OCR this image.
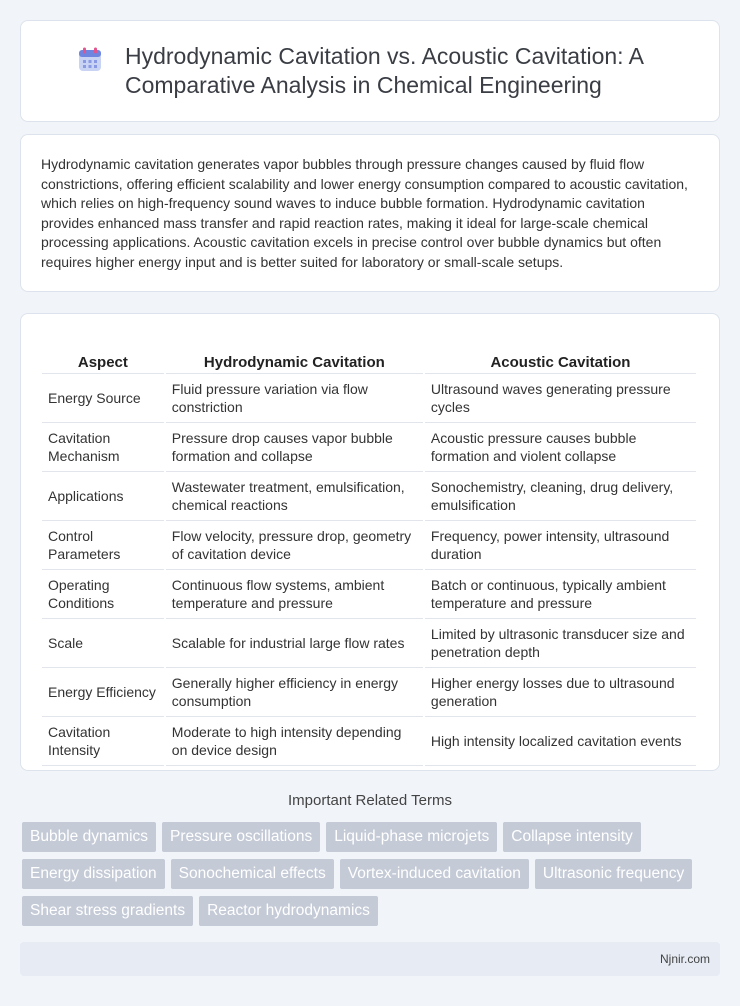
Hydrodynamic Cavitation vs. Acoustic Cavitation: A Comparative Analysis in Chemical Engineering

Hydrodynamic cavitation generates vapor bubbles through pressure changes caused by fluid flow constrictions, offering efficient scalability and lower energy consumption compared to acoustic cavitation, which relies on high-frequency sound waves to induce bubble formation. Hydrodynamic cavitation provides enhanced mass transfer and rapid reaction rates, making it ideal for large-scale chemical processing applications. Acoustic cavitation excels in precise control over bubble dynamics but often requires higher energy input and is better suited for laboratory or small-scale setups.

Aspect	Hydrodynamic Cavitation	Acoustic Cavitation
Energy Source	Fluid pressure variation via flow constriction	Ultrasound waves generating pressure cycles
Cavitation Mechanism	Pressure drop causes vapor bubble formation and collapse	Acoustic pressure causes bubble formation and violent collapse
Applications	Wastewater treatment, emulsification, chemical reactions	Sonochemistry, cleaning, drug delivery, emulsification
Control Parameters	Flow velocity, pressure drop, geometry of cavitation device	Frequency, power intensity, ultrasound duration
Operating Conditions	Continuous flow systems, ambient temperature and pressure	Batch or continuous, typically ambient temperature and pressure
Scale	Scalable for industrial large flow rates	Limited by ultrasonic transducer size and penetration depth
Energy Efficiency	Generally higher efficiency in energy consumption	Higher energy losses due to ultrasound generation
Cavitation Intensity	Moderate to high intensity depending on device design	High intensity localized cavitation events
Important Related Terms
Bubble dynamics	Pressure oscillations	Liquid-phase microjets	Collapse intensity
Energy dissipation	Sonochemical effects	Vortex-induced cavitation	Ultrasonic frequency
Shear stress gradients	Reactor hydrodynamics
Njnir.com
